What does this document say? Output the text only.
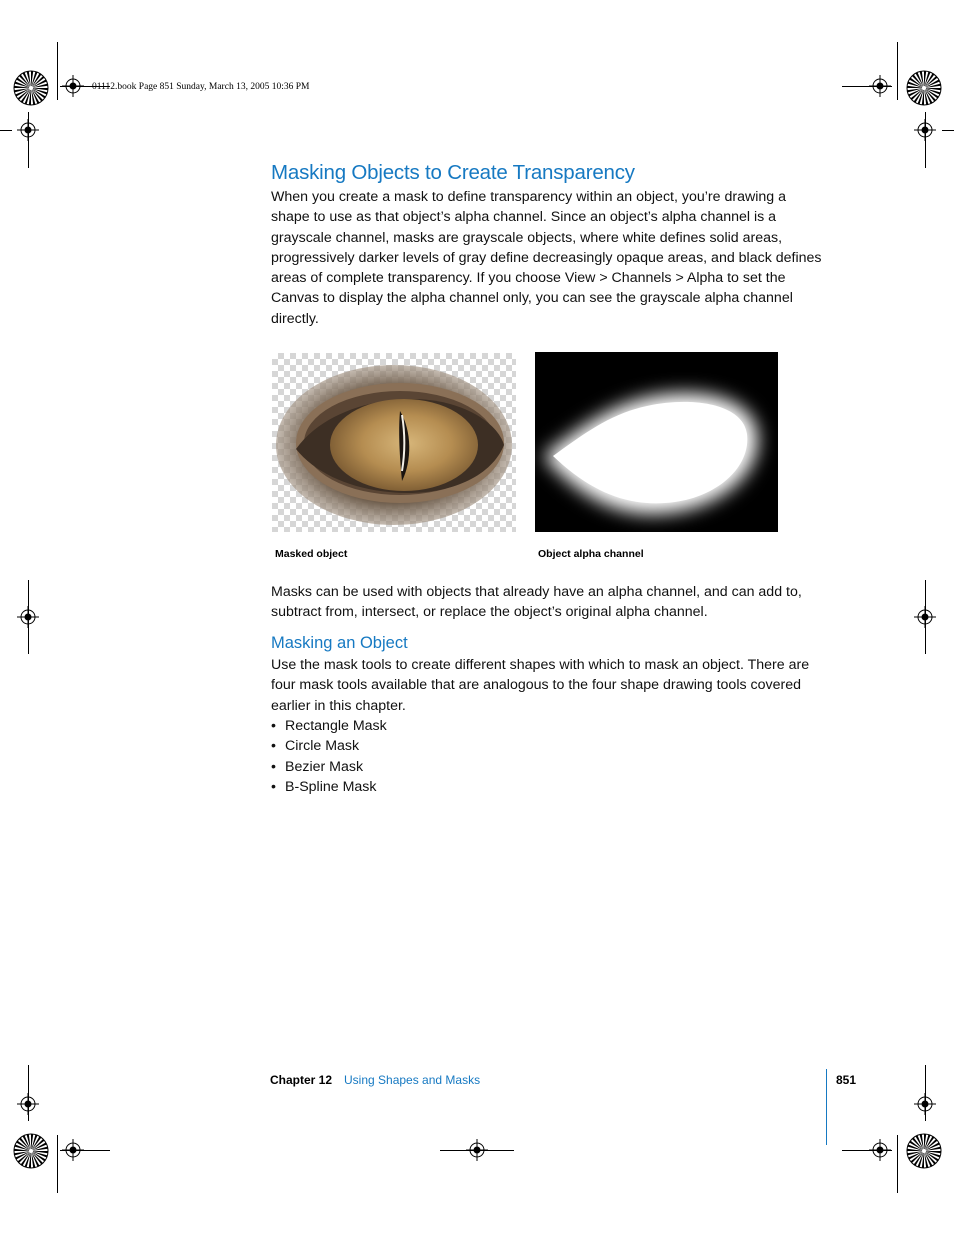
01112.book Page 851 Sunday, March 13, 2005 10:36 PM
Masking Objects to Create Transparency
When you create a mask to define transparency within an object, you’re drawing a shape to use as that object’s alpha channel. Since an object’s alpha channel is a grayscale channel, masks are grayscale objects, where white defines solid areas, progressively darker levels of gray define decreasingly opaque areas, and black defines areas of complete transparency. If you choose View > Channels > Alpha to set the Canvas to display the alpha channel only, you can see the grayscale alpha channel directly.
Masked object	Object alpha channel
Masks can be used with objects that already have an alpha channel, and can add to, subtract from, intersect, or replace the object’s original alpha channel.
Masking an Object
Use the mask tools to create different shapes with which to mask an object. There are four mask tools available that are analogous to the four shape drawing tools covered earlier in this chapter.
• Rectangle Mask
• Circle Mask
• Bezier Mask
• B-Spline Mask
Chapter 12 Using Shapes and Masks	851
